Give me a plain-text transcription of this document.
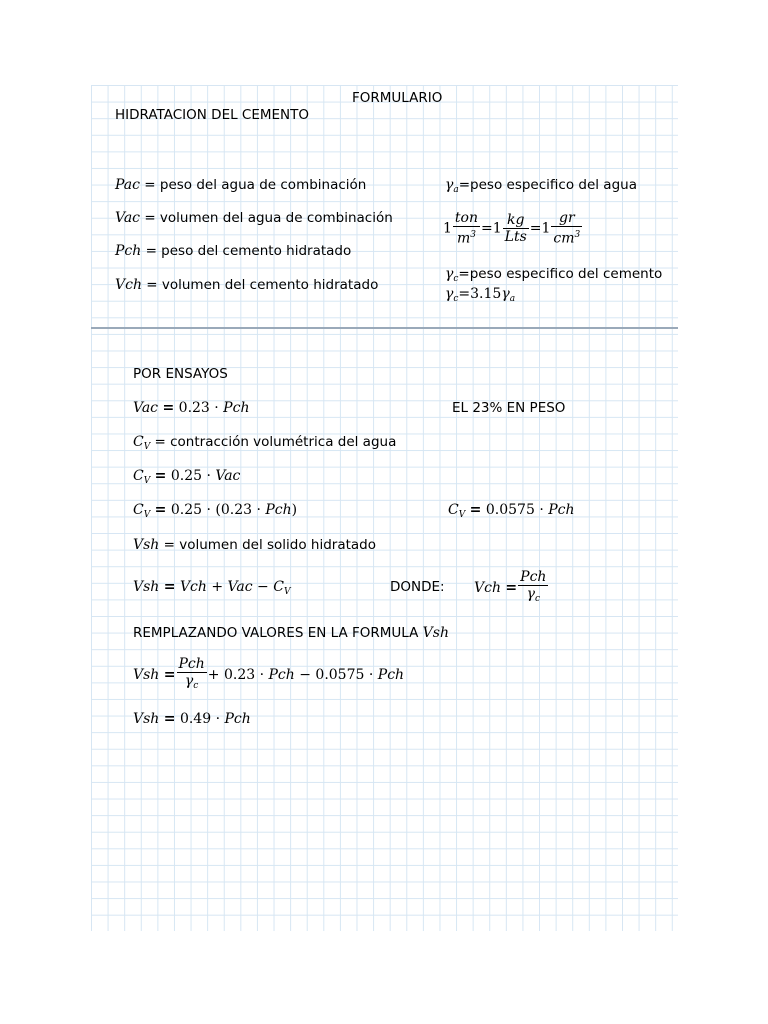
FORMULARIO
HIDRATACION DEL CEMENTO
Pac = peso del agua de combinación
Vac = volumen del agua de combinación
Pch = peso del cemento hidratado
Vch = volumen del cemento hidratado
$\gamma_a=peso$ especifico del agua
$1 \frac{\text{ton}}{m^3} =1 \frac{kg}{\text{Lts}} =1 \frac{gr}{cm^3}$
$\gamma_c=peso$ especifico del cemento
$\gamma_c=3.15\gamma_a$
POR ENSAYOS
Vac = 0.23 · Pch	EL 23% EN PESO
$C_V$ = contracción volumétrica del agua
$C_V = 0.25$ · Vac
$C_V = 0.25 \cdot (0.23 \cdot Pch)$	$C_V = 0.0575$ · Pch
Vsh = volumen del solido hidratado
Vsh = Vch + Vac − $C_V$	DONDE: Vch = $\frac{\text{Pch}}{\gamma_c}$
REMPLAZANDO VALORES EN LA FORMULA Vsh
Vsh = $\frac{\text{Pch}}{\gamma_c} + 0.23$ · Pch − 0.0575 · Pch
Vsh = 0.49 · Pch
